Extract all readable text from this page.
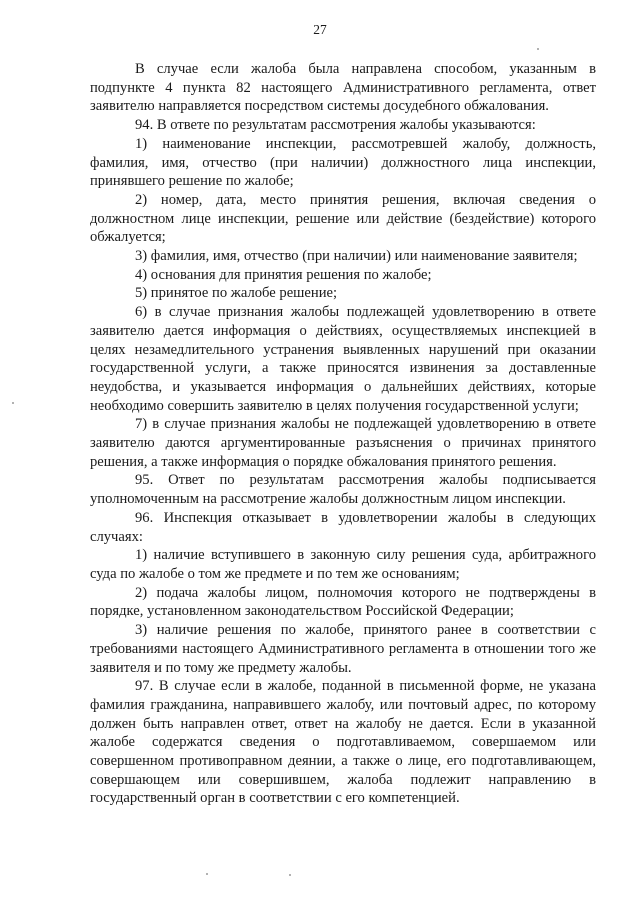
27

В случае если жалоба была направлена способом, указанным в подпункте 4 пункта 82 настоящего Административного регламента, ответ заявителю направляется посредством системы досудебного обжалования.

94. В ответе по результатам рассмотрения жалобы указываются:

1) наименование инспекции, рассмотревшей жалобу, должность, фамилия, имя, отчество (при наличии) должностного лица инспекции, принявшего решение по жалобе;

2) номер, дата, место принятия решения, включая сведения о должностном лице инспекции, решение или действие (бездействие) которого обжалуется;

3) фамилия, имя, отчество (при наличии) или наименование заявителя;

4) основания для принятия решения по жалобе;

5) принятое по жалобе решение;

6) в случае признания жалобы подлежащей удовлетворению в ответе заявителю дается информация о действиях, осуществляемых инспекцией в целях незамедлительного устранения выявленных нарушений при оказании государственной услуги, а также приносятся извинения за доставленные неудобства, и указывается информация о дальнейших действиях, которые необходимо совершить заявителю в целях получения государственной услуги;

7) в случае признания жалобы не подлежащей удовлетворению в ответе заявителю даются аргументированные разъяснения о причинах принятого решения, а также информация о порядке обжалования принятого решения.

95. Ответ по результатам рассмотрения жалобы подписывается уполномоченным на рассмотрение жалобы должностным лицом инспекции.

96. Инспекция отказывает в удовлетворении жалобы в следующих случаях:

1) наличие вступившего в законную силу решения суда, арбитражного суда по жалобе о том же предмете и по тем же основаниям;

2) подача жалобы лицом, полномочия которого не подтверждены в порядке, установленном законодательством Российской Федерации;

3) наличие решения по жалобе, принятого ранее в соответствии с требованиями настоящего Административного регламента в отношении того же заявителя и по тому же предмету жалобы.

97. В случае если в жалобе, поданной в письменной форме, не указана фамилия гражданина, направившего жалобу, или почтовый адрес, по которому должен быть направлен ответ, ответ на жалобу не дается. Если в указанной жалобе содержатся сведения о подготавливаемом, совершаемом или совершенном противоправном деянии, а также о лице, его подготавливающем, совершающем или совершившем, жалоба подлежит направлению в государственный орган в соответствии с его компетенцией.
